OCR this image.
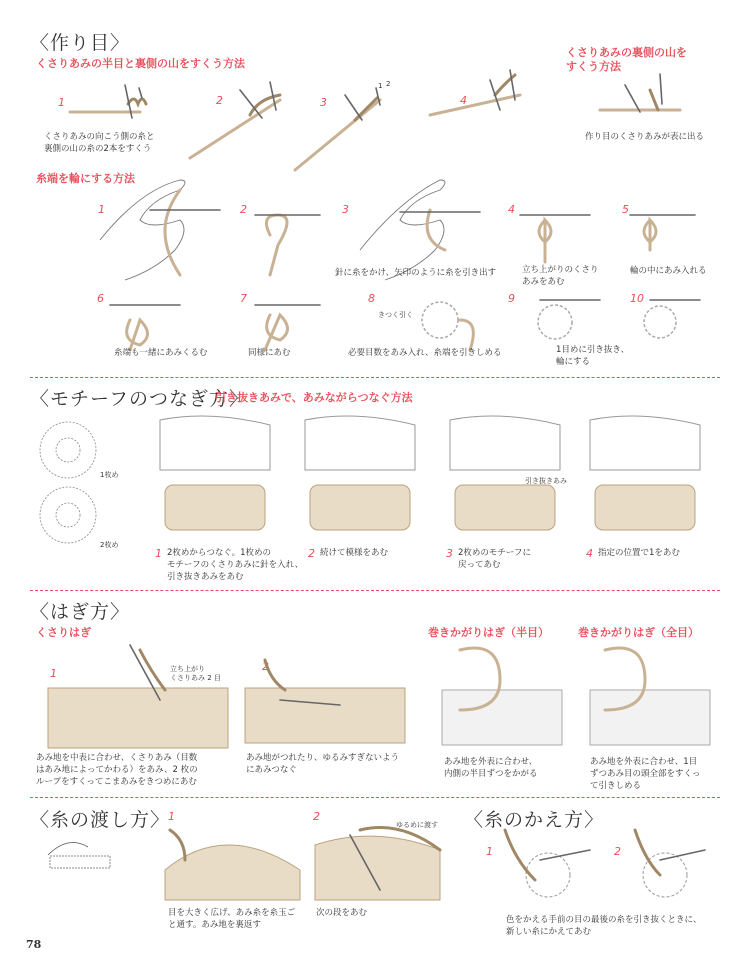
〈作り目〉
くさりあみの半目と裏側の山をすくう方法
くさりあみの裏側の山を
すくう方法
1	2	3
1 2
4
くさりあみの向こう側の糸と
裏側の山の糸の2本をすくう
作り目のくさりあみが表に出る
糸端を輪にする方法
1	2	3	4	5
針に糸をかけ、矢印のように糸を引き出す	立ち上がりのくさり
あみをあむ
輪の中にあみ入れる
6	7	8	9	10
きつく引く
糸端も一緒にあみくるむ	同様にあむ	必要目数をあみ入れ、糸端を引きしめる	1目めに引き抜き、
輪にする
〈モチーフのつなぎ方〉
引き抜きあみで、あみながらつなぐ方法
1枚め
2枚め
引き抜きあみ
1 2枚めからつなぐ。1枚めの
モチーフのくさりあみに針を入れ、
引き抜きあみをあむ
2 続けて模様をあむ	3 2枚めのモチーフに
戻ってあむ
4 指定の位置で1をあむ
〈はぎ方〉
くさりはぎ	巻きかがりはぎ（半目）	巻きかがりはぎ（全目）
1
2
立ち上がり
くさりあみ 2 目
あみ地を中表に合わせ、くさりあみ（目数
はあみ地によってかわる）をあみ、2 枚の
ループをすくってこまあみをきつめにあむ
あみ地がつれたり、ゆるみすぎないよう
にあみつなぐ
あみ地を外表に合わせ、
内側の半目ずつをかがる
あみ地を外表に合わせ、1目
ずつあみ目の頭全部をすくっ
て引きしめる
〈糸の渡し方〉
1	2
ゆるめに渡す
目を大きく広げ、あみ糸を糸玉ご
と通す。あみ地を裏返す
次の段をあむ
〈糸のかえ方〉
1	2
色をかえる手前の目の最後の糸を引き抜くときに、
新しい糸にかえてあむ
78
